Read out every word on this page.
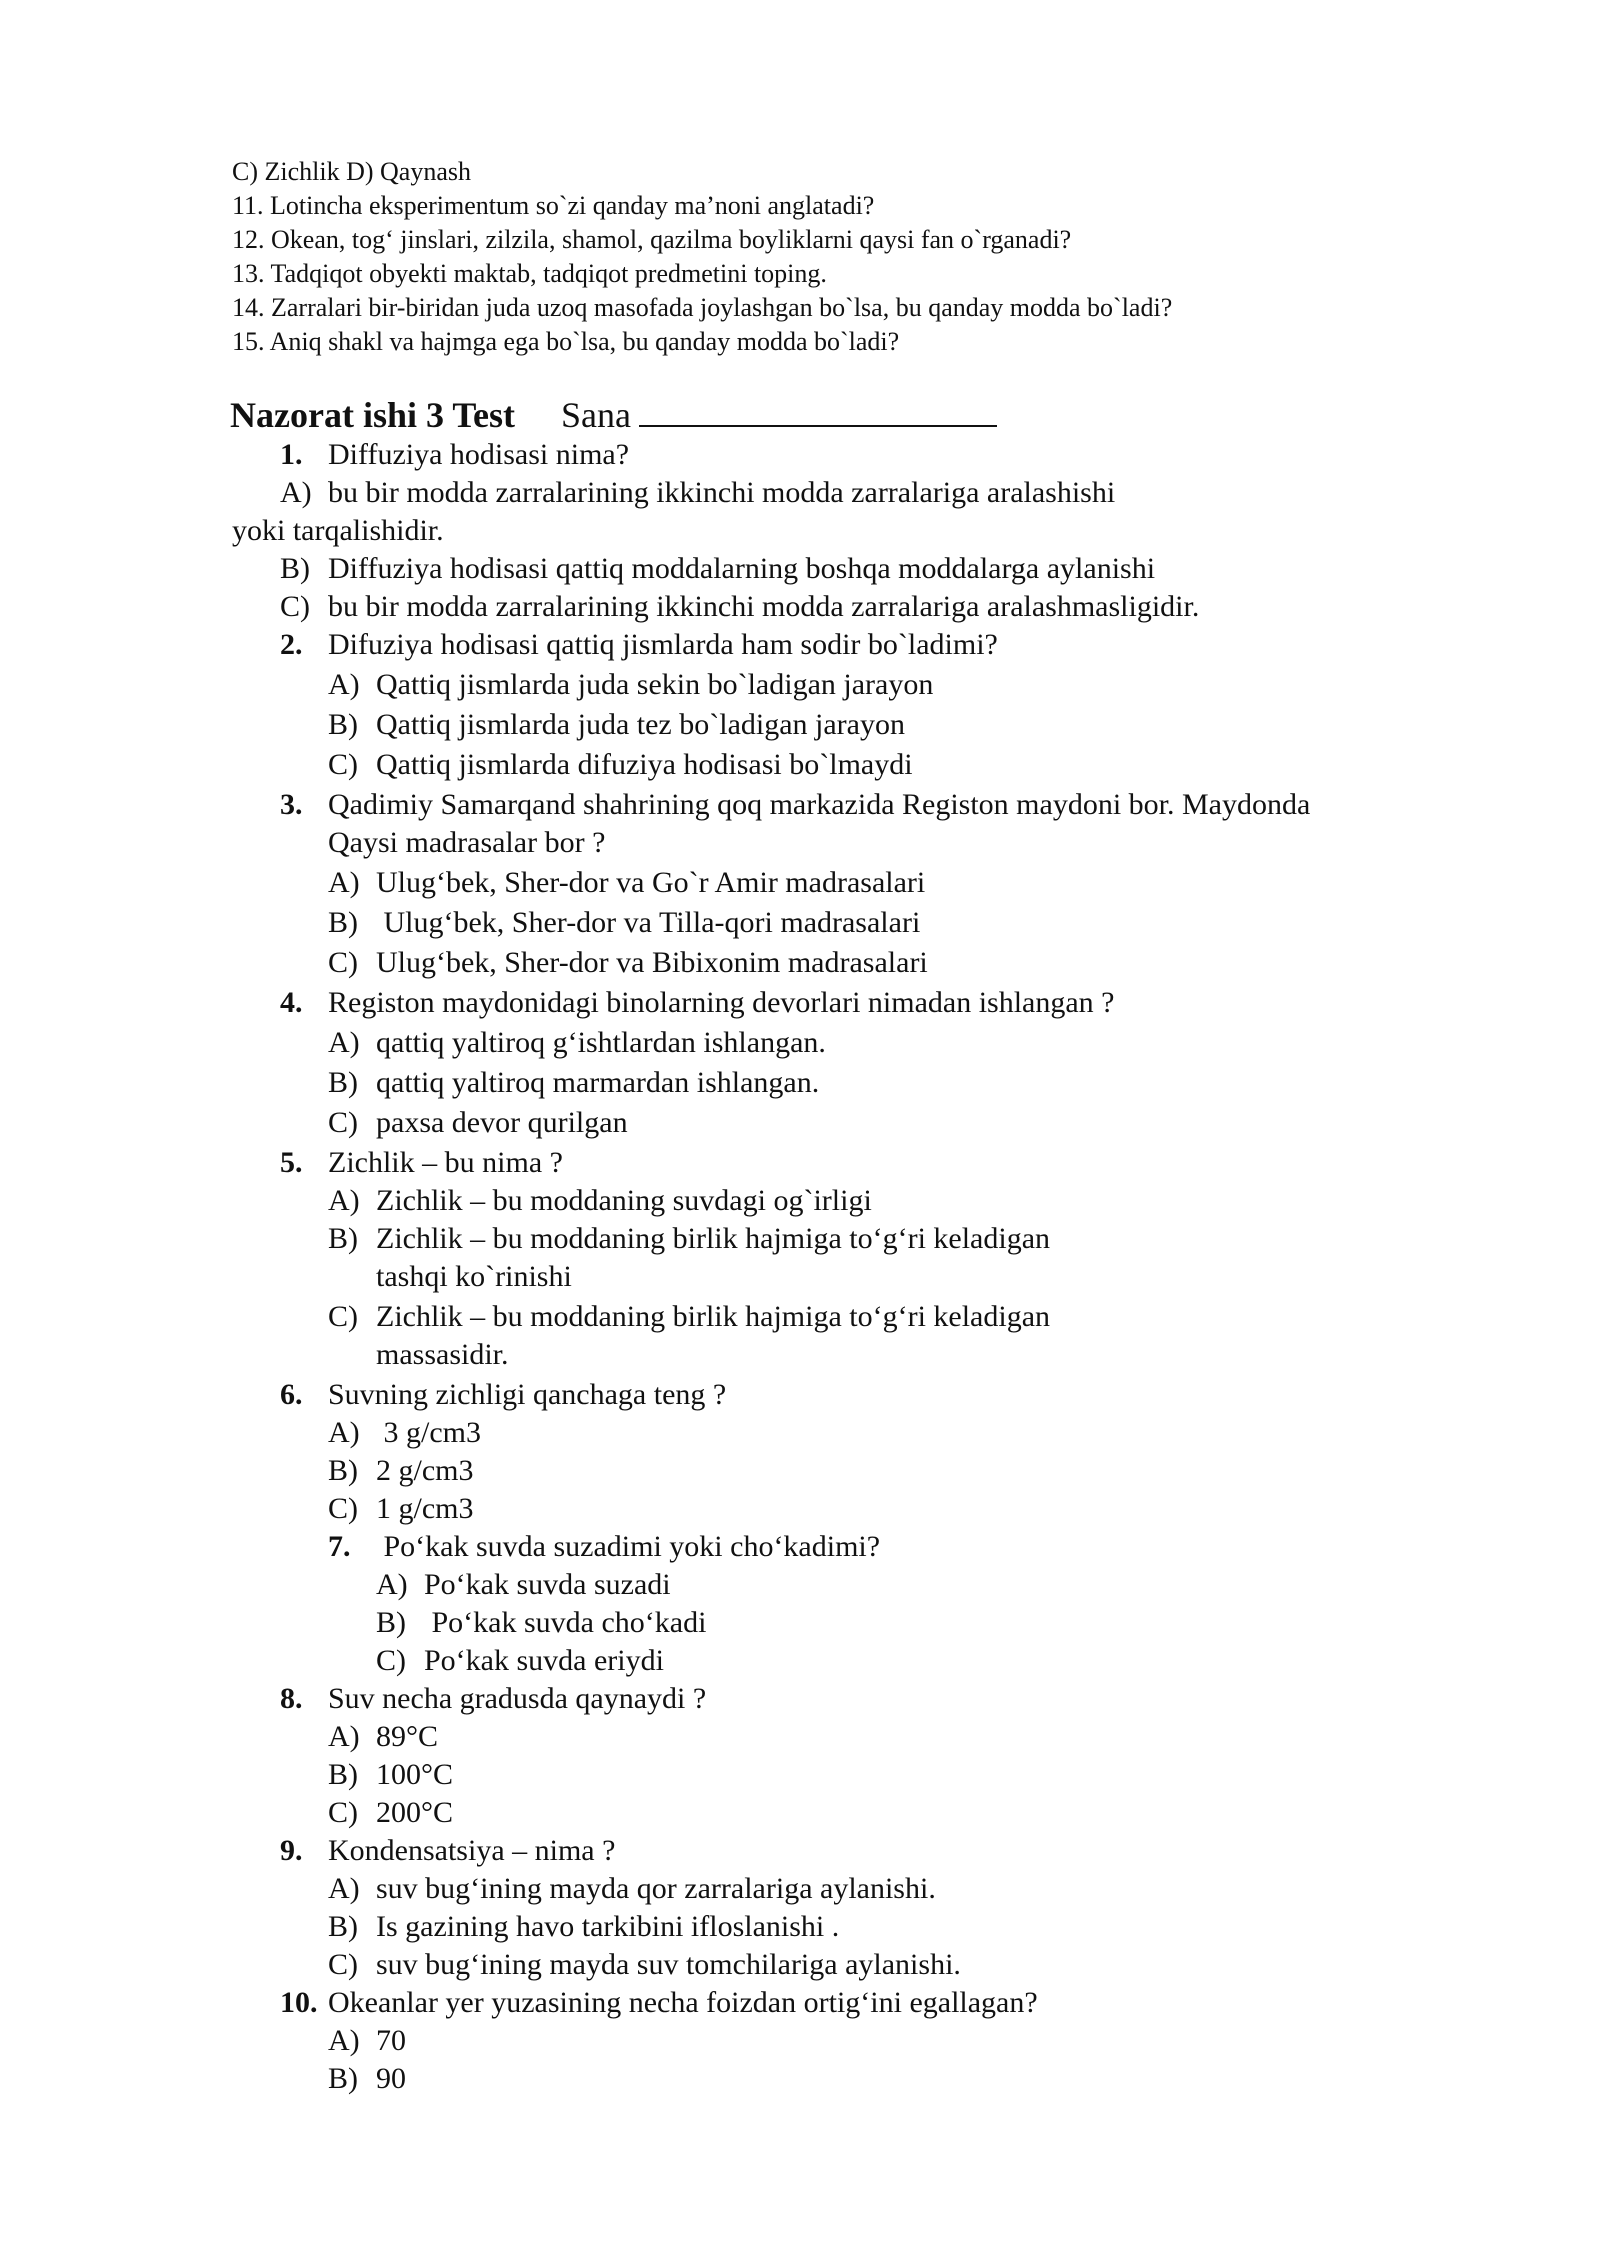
C) Zichlik D) Qaynash
11. Lotincha eksperimentum so`zi qanday ma’noni anglatadi?
12. Okean, tog‘ jinslari, zilzila, shamol, qazilma boyliklarni qaysi fan o`rganadi?
13. Tadqiqot obyekti maktab, tadqiqot predmetini toping.
14. Zarralari bir-biridan juda uzoq masofada joylashgan bo`lsa, bu qanday modda bo`ladi?
15. Aniq shakl va hajmga ega bo`lsa, bu qanday modda bo`ladi?
Nazorat ishi 3 Test Sana
1. Diffuziya hodisasi nima?
A) bu bir modda zarralarining ikkinchi modda zarralariga aralashishi
yoki tarqalishidir.
B) Diffuziya hodisasi qattiq moddalarning boshqa moddalarga aylanishi
C) bu bir modda zarralarining ikkinchi modda zarralariga aralashmasligidir.
2. Difuziya hodisasi qattiq jismlarda ham sodir bo`ladimi?
A) Qattiq jismlarda juda sekin bo`ladigan jarayon
B) Qattiq jismlarda juda tez bo`ladigan jarayon
C) Qattiq jismlarda difuziya hodisasi bo`lmaydi
3. Qadimiy Samarqand shahrining qoq markazida Registon maydoni bor. Maydonda
Qaysi madrasalar bor ?
A) Ulug‘bek, Sher-dor va Go`r Amir madrasalari
B) Ulug‘bek, Sher-dor va Tilla-qori madrasalari
C) Ulug‘bek, Sher-dor va Bibixonim madrasalari
4. Registon maydonidagi binolarning devorlari nimadan ishlangan ?
A) qattiq yaltiroq g‘ishtlardan ishlangan.
B) qattiq yaltiroq marmardan ishlangan.
C) paxsa devor qurilgan
5. Zichlik – bu nima ?
A) Zichlik – bu moddaning suvdagi og`irligi
B) Zichlik – bu moddaning birlik hajmiga to‘g‘ri keladigan
tashqi ko`rinishi
C) Zichlik – bu moddaning birlik hajmiga to‘g‘ri keladigan
massasidir.
6. Suvning zichligi qanchaga teng ?
A) 3 g/cm3
B) 2 g/cm3
C) 1 g/cm3
7. Po‘kak suvda suzadimi yoki cho‘kadimi?
A) Po‘kak suvda suzadi
B) Po‘kak suvda cho‘kadi
C) Po‘kak suvda eriydi
8. Suv necha gradusda qaynaydi ?
A) 89°C
B) 100°C
C) 200°C
9. Kondensatsiya – nima ?
A) suv bug‘ining mayda qor zarralariga aylanishi.
B) Is gazining havo tarkibini ifloslanishi .
C) suv bug‘ining mayda suv tomchilariga aylanishi.
10. Okeanlar yer yuzasining necha foizdan ortig‘ini egallagan?
A) 70
B) 90
